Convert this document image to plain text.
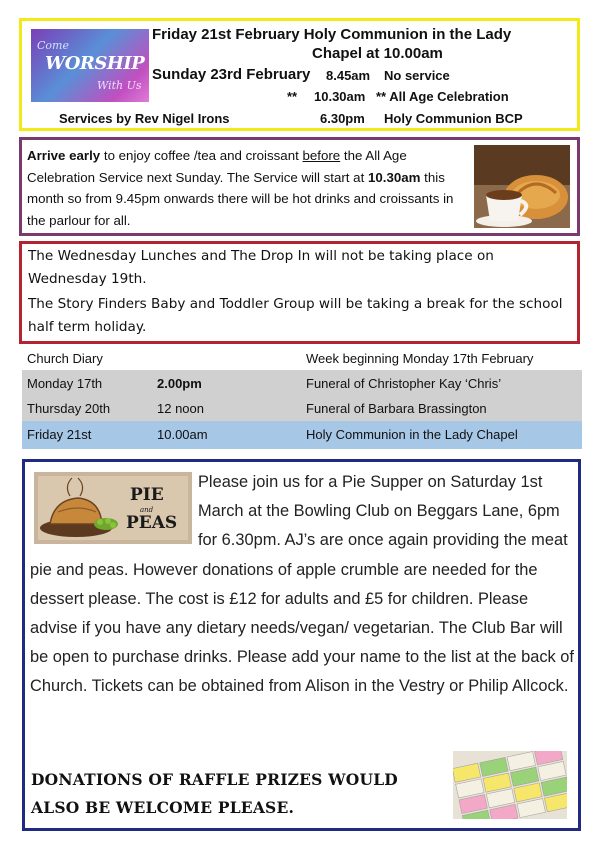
Come
WORSHIP
With Us
Friday 21st February Holy Communion in the Lady
Chapel at 10.00am
Sunday 23rd February 8.45am No service
** 10.30am ** All Age Celebration
Services by Rev Nigel Irons	6.30pm Holy Communion BCP

Arrive early to enjoy coffee /tea and croissant before the All Age Celebration Service next Sunday. The Service will start at 10.30am this month so from 9.45pm onwards there will be hot drinks and croissants in the parlour for all.

The Wednesday Lunches and The Drop In will not be taking place on Wednesday 19th.

The Story Finders Baby and Toddler Group will be taking a break for the school half term holiday.

Church Diary	Week beginning Monday 17th February
Monday 17th	2.00pm	Funeral of Christopher Kay ‘Chris’
Thursday 20th	12 noon	Funeral of Barbara Brassington
Friday 21st	10.00am	Holy Communion in the Lady Chapel

Please join us for a Pie Supper on Saturday 1st March at the Bowling Club on Beggars Lane, 6pm for 6.30pm. AJ’s are once again providing the meat pie and peas. However donations of apple crumble are needed for the dessert please. The cost is £12 for adults and £5 for children. Please advise if you have any dietary needs/vegan/ vegetarian. The Club Bar will be open to purchase drinks. Please add your name to the list at the back of Church. Tickets can be obtained from Alison in the Vestry or Philip Allcock.

PIE
and
PEAS

DONATIONS OF RAFFLE PRIZES WOULD ALSO BE WELCOME PLEASE.
